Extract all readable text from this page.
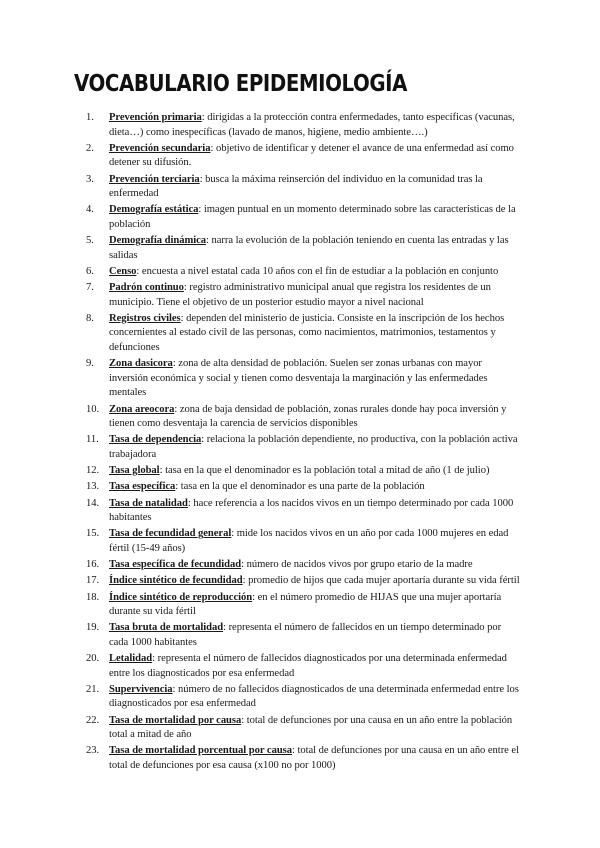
VOCABULARIO EPIDEMIOLOGÍA
1.	Prevención primaria: dirigidas a la protección contra enfermedades, tanto específicas (vacunas, dieta…) como inespecíficas (lavado de manos, higiene, medio ambiente….)
2.	Prevención secundaria: objetivo de identificar y detener el avance de una enfermedad así como detener su difusión.
3.	Prevención terciaria: busca la máxima reinserción del individuo en la comunidad tras la enfermedad
4.	Demografía estática: imagen puntual en un momento determinado sobre las características de la población
5.	Demografía dinámica: narra la evolución de la población teniendo en cuenta las entradas y las salidas
6.	Censo: encuesta a nivel estatal cada 10 años con el fin de estudiar a la población en conjunto
7.	Padrón continuo: registro administrativo municipal anual que registra los residentes de un municipio. Tiene el objetivo de un posterior estudio mayor a nivel nacional
8.	Registros civiles: dependen del ministerio de justicia. Consiste en la inscripción de los hechos concernientes al estado civil de las personas, como nacimientos, matrimonios, testamentos y defunciones
9.	Zona dasicora: zona de alta densidad de población. Suelen ser zonas urbanas con mayor inversión económica y social y tienen como desventaja la marginación y las enfermedades mentales
10. Zona areocora: zona de baja densidad de población, zonas rurales donde hay poca inversión y tienen como desventaja la carencia de servicios disponibles
11. Tasa de dependencia: relaciona la población dependiente, no productiva, con la población activa trabajadora
12. Tasa global: tasa en la que el denominador es la población total a mitad de año (1 de julio)
13. Tasa específica: tasa en la que el denominador es una parte de la población
14. Tasa de natalidad: hace referencia a los nacidos vivos en un tiempo determinado por cada 1000 habitantes
15. Tasa de fecundidad general: mide los nacidos vivos en un año por cada 1000 mujeres en edad fértil (15-49 años)
16. Tasa específica de fecundidad: número de nacidos vivos por grupo etario de la madre
17. Índice sintético de fecundidad: promedio de hijos que cada mujer aportaría durante su vida fértil
18. Índice sintético de reproducción: en el número promedio de HIJAS que una mujer aportaría durante su vida fértil
19. Tasa bruta de mortalidad: representa el número de fallecidos en un tiempo determinado por cada 1000 habitantes
20. Letalidad: representa el número de fallecidos diagnosticados por una determinada enfermedad entre los diagnosticados por esa enfermedad
21. Supervivencia: número de no fallecidos diagnosticados de una determinada enfermedad entre los diagnosticados por esa enfermedad
22. Tasa de mortalidad por causa: total de defunciones por una causa en un año entre la población total a mitad de año
23. Tasa de mortalidad porcentual por causa: total de defunciones por una causa en un año entre el total de defunciones por esa causa (x100 no por 1000)
